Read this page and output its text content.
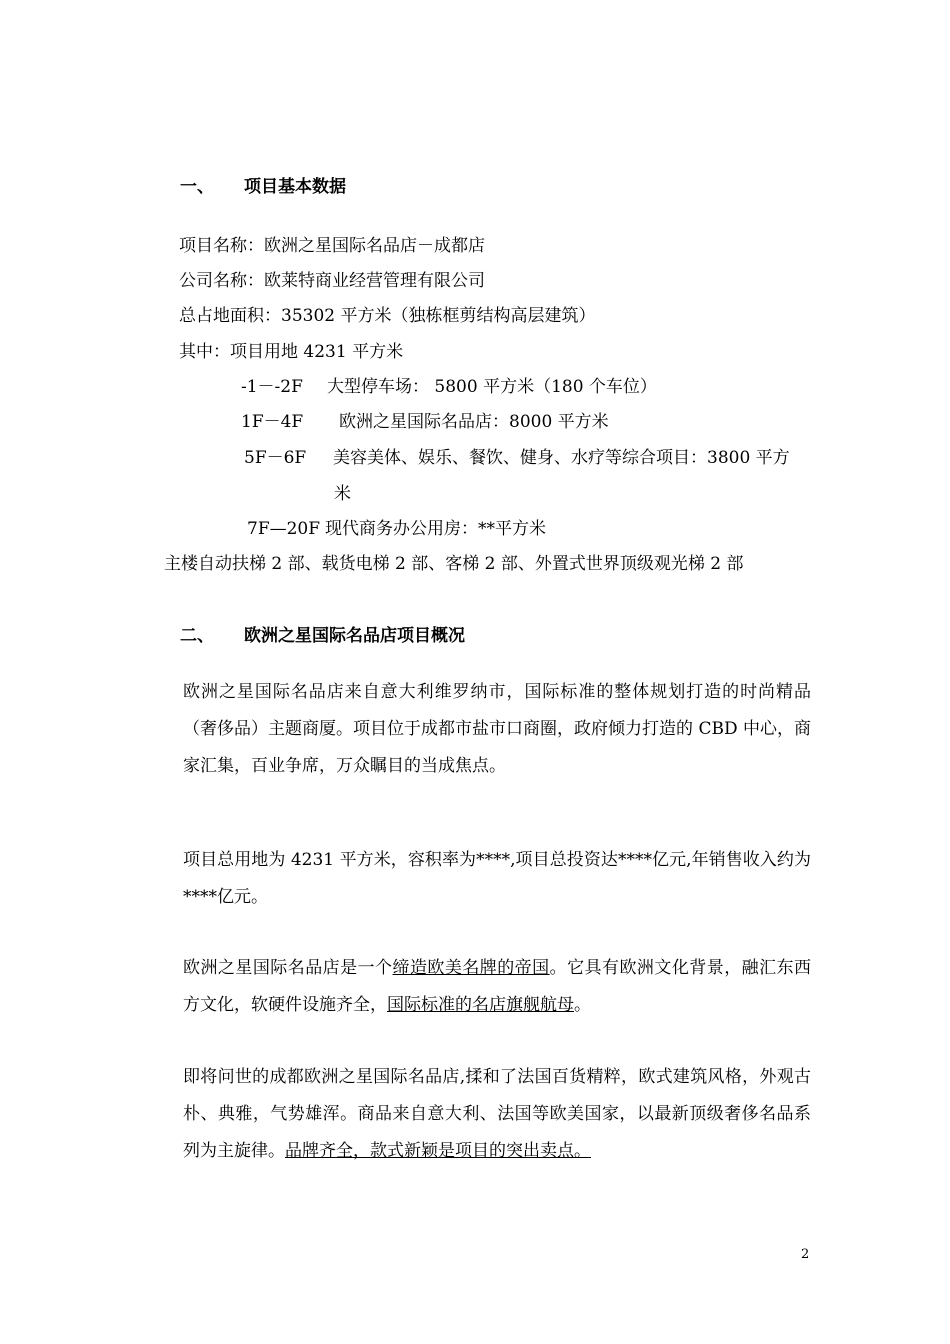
一、 项目基本数据
项目名称：欧洲之星国际名品店－成都店
公司名称：欧莱特商业经营管理有限公司
总占地面积：35302 平方米（独栋框剪结构高层建筑）
其中：项目用地 4231 平方米
-1－-2F 大型停车场： 5800 平方米（180 个车位）
1F－4F 欧洲之星国际名品店：8000 平方米
5F－6F 美容美体、娱乐、餐饮、健身、水疗等综合项目：3800 平方
米
7F—20F 现代商务办公用房：**平方米
主楼自动扶梯 2 部、载货电梯 2 部、客梯 2 部、外置式世界顶级观光梯 2 部
二、 欧洲之星国际名品店项目概况
欧洲之星国际名品店来自意大利维罗纳市，国际标准的整体规划打造的时尚精品（奢侈品）主题商厦。项目位于成都市盐市口商圈，政府倾力打造的 CBD 中心，商家汇集，百业争席，万众瞩目的当成焦点。
项目总用地为 4231 平方米，容积率为****,项目总投资达****亿元,年销售收入约为****亿元。
欧洲之星国际名品店是一个缔造欧美名牌的帝国。它具有欧洲文化背景，融汇东西方文化，软硬件设施齐全，国际标准的名店旗舰航母。
即将问世的成都欧洲之星国际名品店,揉和了法国百货精粹，欧式建筑风格，外观古朴、典雅，气势雄浑。商品来自意大利、法国等欧美国家，以最新顶级奢侈名品系列为主旋律。品牌齐全，款式新颖是项目的突出卖点。
2
